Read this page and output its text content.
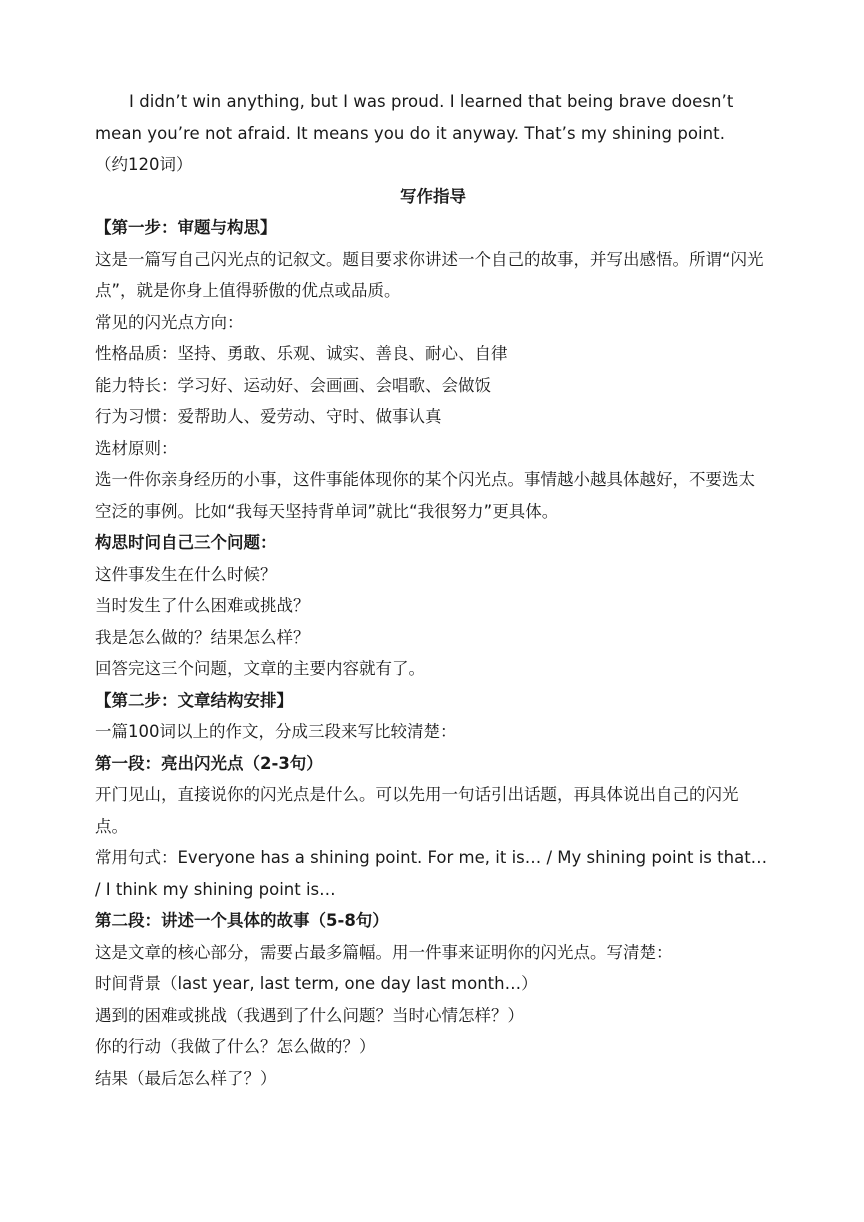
I didn’t win anything, but I was proud. I learned that being brave doesn’t mean you’re not afraid. It means you do it anyway. That’s my shining point.
（约120词）
写作指导
【第一步：审题与构思】
这是一篇写自己闪光点的记叙文。题目要求你讲述一个自己的故事，并写出感悟。所谓“闪光点”，就是你身上值得骄傲的优点或品质。
常见的闪光点方向：
性格品质：坚持、勇敢、乐观、诚实、善良、耐心、自律
能力特长：学习好、运动好、会画画、会唱歌、会做饭
行为习惯：爱帮助人、爱劳动、守时、做事认真
选材原则：
选一件你亲身经历的小事，这件事能体现你的某个闪光点。事情越小越具体越好，不要选太空泛的事例。比如“我每天坚持背单词”就比“我很努力”更具体。
构思时问自己三个问题：
这件事发生在什么时候？
当时发生了什么困难或挑战？
我是怎么做的？结果怎么样？
回答完这三个问题，文章的主要内容就有了。
【第二步：文章结构安排】
一篇100词以上的作文，分成三段来写比较清楚：
第一段：亮出闪光点（2-3句）
开门见山，直接说你的闪光点是什么。可以先用一句话引出话题，再具体说出自己的闪光点。
常用句式：Everyone has a shining point. For me, it is… / My shining point is that… / I think my shining point is…
第二段：讲述一个具体的故事（5-8句）
这是文章的核心部分，需要占最多篇幅。用一件事来证明你的闪光点。写清楚：
时间背景（last year, last term, one day last month…）
遇到的困难或挑战（我遇到了什么问题？当时心情怎样？）
你的行动（我做了什么？怎么做的？）
结果（最后怎么样了？）
